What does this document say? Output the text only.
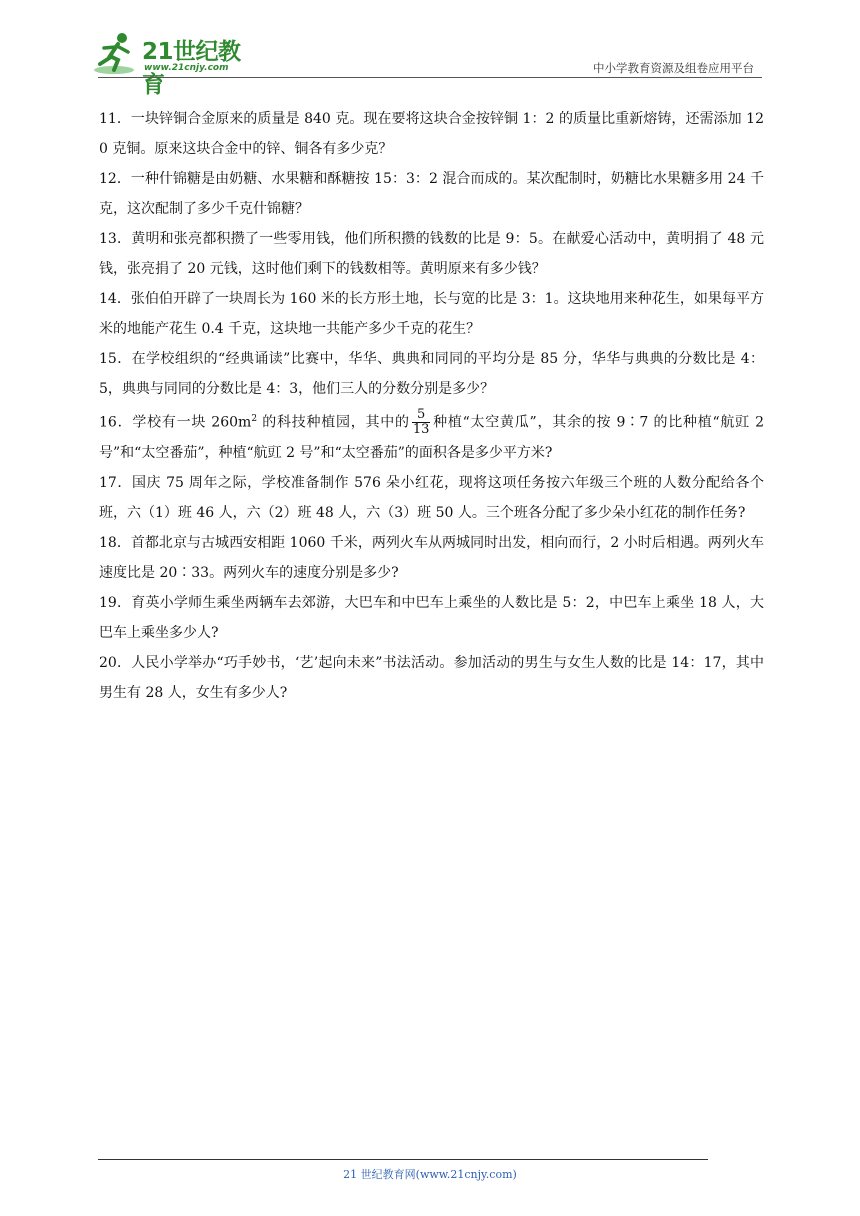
21世纪教育
www.21cnjy.com	中小学教育资源及组卷应用平台

11．一块锌铜合金原来的质量是 840 克。现在要将这块合金按锌铜 1：2 的质量比重新熔铸，还需添加 120 克铜。原来这块合金中的锌、铜各有多少克？

12．一种什锦糖是由奶糖、水果糖和酥糖按 15：3：2 混合而成的。某次配制时，奶糖比水果糖多用 24 千克，这次配制了多少千克什锦糖？

13．黄明和张亮都积攒了一些零用钱，他们所积攒的钱数的比是 9：5。在献爱心活动中，黄明捐了 48 元钱，张亮捐了 20 元钱，这时他们剩下的钱数相等。黄明原来有多少钱？

14．张伯伯开辟了一块周长为 160 米的长方形土地，长与宽的比是 3：1。这块地用来种花生，如果每平方米的地能产花生 0.4 千克，这块地一共能产多少千克的花生？

15．在学校组织的“经典诵读”比赛中，华华、典典和同同的平均分是 85 分，华华与典典的分数比是 4：5，典典与同同的分数比是 4：3，他们三人的分数分别是多少？

16．学校有一块 $260m^2$ 的科技种植园，其中的 $\frac{5}{13}$ 种植“太空黄瓜”，其余的按 9∶7 的比种植“航豇 2 号”和“太空番茄”，种植“航豇 2 号”和“太空番茄”的面积各是多少平方米?

17．国庆 75 周年之际，学校准备制作 576 朵小红花，现将这项任务按六年级三个班的人数分配给各个班，六（1）班 46 人，六（2）班 48 人，六（3）班 50 人。三个班各分配了多少朵小红花的制作任务?

18．首都北京与古城西安相距 1060 千米，两列火车从两城同时出发，相向而行，2 小时后相遇。两列火车速度比是 20∶33。两列火车的速度分别是多少?

19．育英小学师生乘坐两辆车去郊游，大巴车和中巴车上乘坐的人数比是 5：2，中巴车上乘坐 18 人，大巴车上乘坐多少人?

20．人民小学举办“巧手妙书，‘艺’起向未来”书法活动。参加活动的男生与女生人数的比是 14：17，其中男生有 28 人，女生有多少人?

21 世纪教育网(www.21cnjy.com)
